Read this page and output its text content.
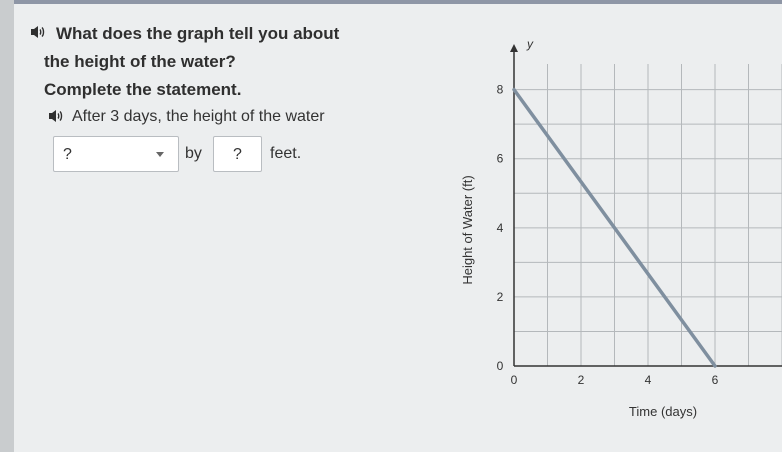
What does the graph tell you about
the height of the water?
Complete the statement.
After 3 days, the height of the water
?	by	?	feet.
0	2	4	6
0
2
4
6
8
Time (days)
Height of Water (ft)
y
